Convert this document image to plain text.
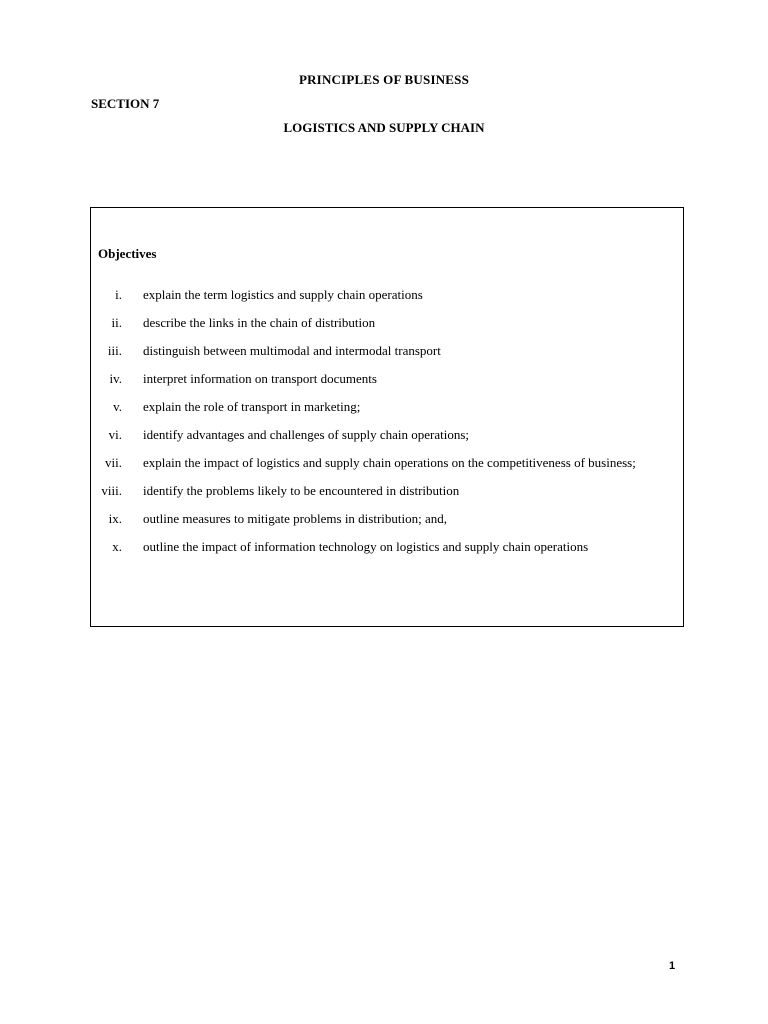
PRINCIPLES OF BUSINESS
SECTION 7
LOGISTICS AND SUPPLY CHAIN
Objectives
i. explain the term logistics and supply chain operations
ii. describe the links in the chain of distribution
iii. distinguish between multimodal and intermodal transport
iv. interpret information on transport documents
v. explain the role of transport in marketing;
vi. identify advantages and challenges of supply chain operations;
vii. explain the impact of logistics and supply chain operations on the competitiveness of business;
viii. identify the problems likely to be encountered in distribution
ix. outline measures to mitigate problems in distribution; and,
x. outline the impact of information technology on logistics and supply chain operations
1
